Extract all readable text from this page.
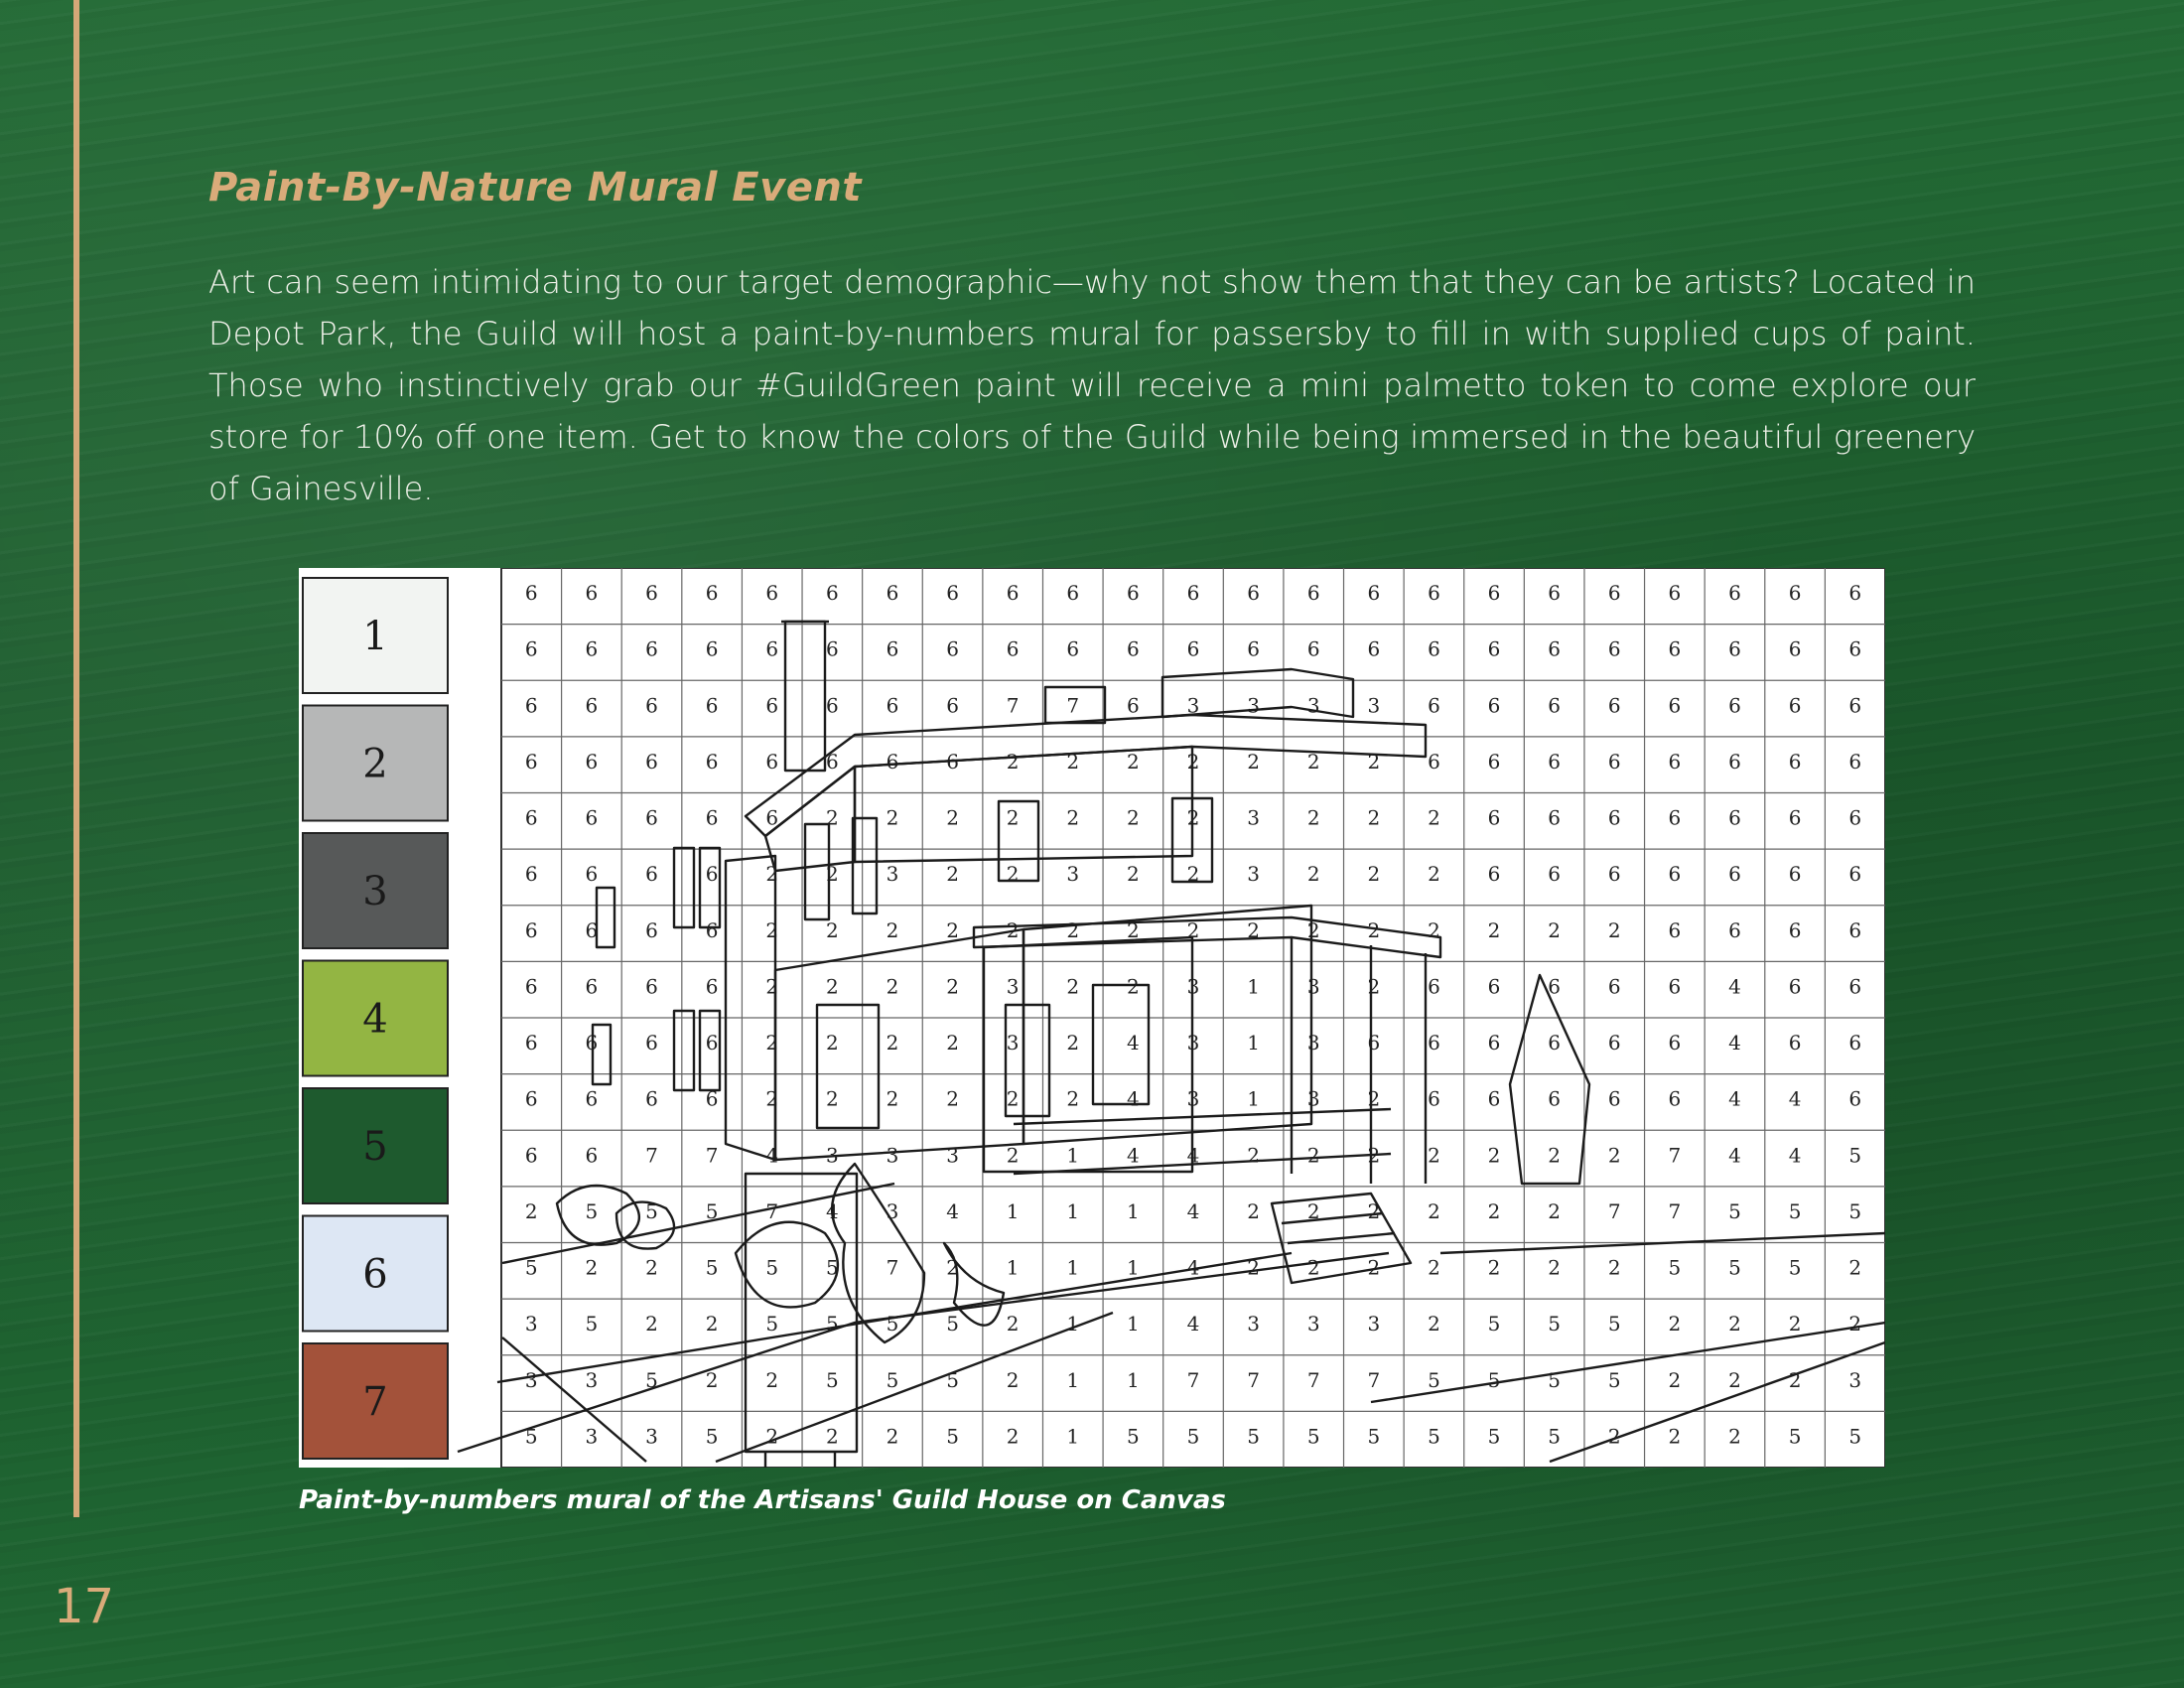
Paint-By-Nature Mural Event

Art can seem intimidating to our target demographic—why not show them that they can be artists? Located in Depot Park, the Guild will host a paint-by-numbers mural for passersby to fill in with supplied cups of paint. Those who instinctively grab our #GuildGreen paint will receive a mini palmetto token to come explore our store for 10% off one item. Get to know the colors of the Guild while being immersed in the beautiful greenery of Gainesville.

1
2
3
4
5
6
7
6 6 6 6 6 6 6 6 6 6 6 6 6 6 6 6 6 6 6 6 6 6 6
6 6 6 6 6 6 6 6 6 6 6 6 6 6 6 6 6 6 6 6 6 6 6
6 6 6 6 6 6 6 6 7 7 6 3 3 3 3 6 6 6 6 6 6 6 6
6 6 6 6 6 6 6 6 2 2 2 2 2 2 2 6 6 6 6 6 6 6 6
6 6 6 6 6 2 2 2 2 2 2 2 3 2 2 2 6 6 6 6 6 6 6
6 6 6 6 2 2 3 2 2 3 2 2 3 2 2 2 6 6 6 6 6 6 6
6 6 6 6 2 2 2 2 2 2 2 2 2 2 2 2 2 2 2 6 6 6 6
6 6 6 6 2 2 2 2 3 2 2 3 1 3 2 6 6 6 6 6 4 6 6
6 6 6 6 2 2 2 2 3 2 4 3 1 3 6 6 6 6 6 6 4 6 6
6 6 6 6 2 2 2 2 2 2 4 3 1 3 2 6 6 6 6 6 4 4 6
6 6 7 7 4 3 3 3 2 1 4 4 2 2 2 2 2 2 2 7 4 4 5
2 5 5 5 7 4 3 4 1 1 1 4 2 2 2 2 2 2 7 7 5 5 5
5 2 2 5 5 5 7 2 1 1 1 4 2 2 2 2 2 2 2 5 5 5 2
3 5 2 2 5 5 5 5 2 1 1 4 3 3 3 2 5 5 5 2 2 2 2
3 3 5 2 2 5 5 5 2 1 1 7 7 7 7 5 5 5 5 2 2 2 3
5 3 3 5 2 2 2 5 2 1 5 5 5 5 5 5 5 5 2 2 2 5 5

Paint-by-numbers mural of the Artisans' Guild House on Canvas

17
